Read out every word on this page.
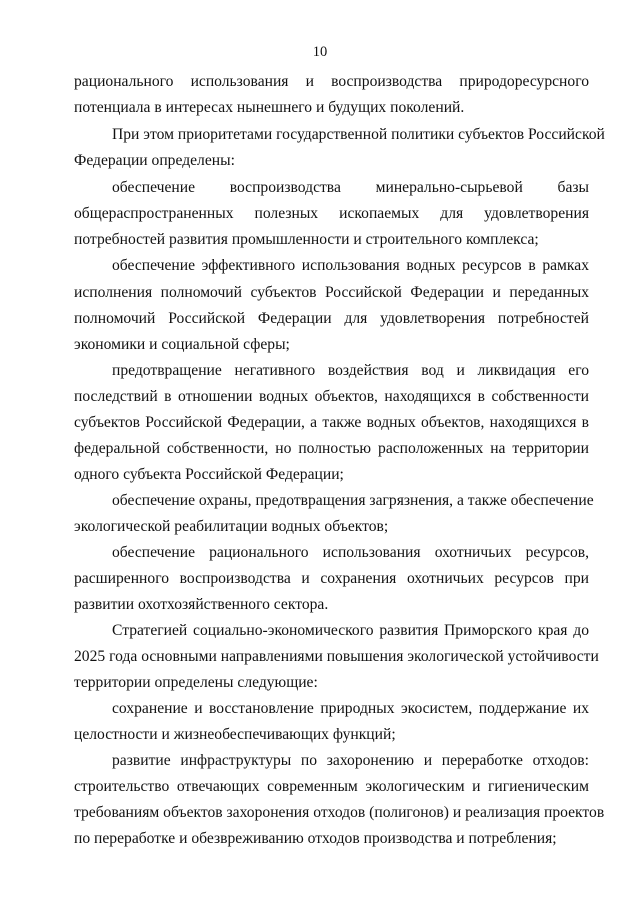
10
рационального использования и воспроизводства природоресурсного
потенциала в интересах нынешнего и будущих поколений.
При этом приоритетами государственной политики субъектов Российской
Федерации определены:
обеспечение воспроизводства минерально-сырьевой базы
общераспространенных полезных ископаемых для удовлетворения
потребностей развития промышленности и строительного комплекса;
обеспечение эффективного использования водных ресурсов в рамках
исполнения полномочий субъектов Российской Федерации и переданных
полномочий Российской Федерации для удовлетворения потребностей
экономики и социальной сферы;
предотвращение негативного воздействия вод и ликвидация его
последствий в отношении водных объектов, находящихся в собственности
субъектов Российской Федерации, а также водных объектов, находящихся в
федеральной собственности, но полностью расположенных на территории
одного субъекта Российской Федерации;
обеспечение охраны, предотвращения загрязнения, а также обеспечение
экологической реабилитации водных объектов;
обеспечение рационального использования охотничьих ресурсов,
расширенного воспроизводства и сохранения охотничьих ресурсов при
развитии охотхозяйственного сектора.
Стратегией социально-экономического развития Приморского края до
2025 года основными направлениями повышения экологической устойчивости
территории определены следующие:
сохранение и восстановление природных экосистем, поддержание их
целостности и жизнеобеспечивающих функций;
развитие инфраструктуры по захоронению и переработке отходов:
строительство отвечающих современным экологическим и гигиеническим
требованиям объектов захоронения отходов (полигонов) и реализация проектов
по переработке и обезвреживанию отходов производства и потребления;
